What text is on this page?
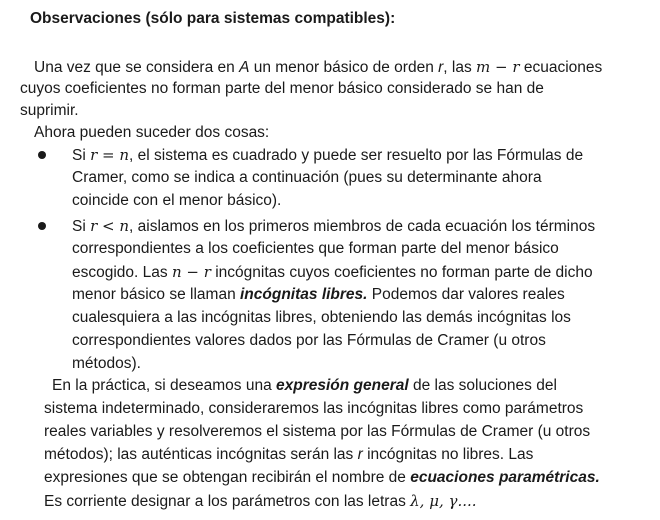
Observaciones (sólo para sistemas compatibles):
Una vez que se considera en A un menor básico de orden r, las m − r ecuaciones
cuyos coeficientes no forman parte del menor básico considerado se han de
suprimir.
Ahora pueden suceder dos cosas:
Si r = n, el sistema es cuadrado y puede ser resuelto por las Fórmulas de
Cramer, como se indica a continuación (pues su determinante ahora
coincide con el menor básico).
Si r < n, aislamos en los primeros miembros de cada ecuación los términos
correspondientes a los coeficientes que forman parte del menor básico
escogido. Las n − r incógnitas cuyos coeficientes no forman parte de dicho
menor básico se llaman incógnitas libres. Podemos dar valores reales
cualesquiera a las incógnitas libres, obteniendo las demás incógnitas los
correspondientes valores dados por las Fórmulas de Cramer (u otros
métodos).
En la práctica, si deseamos una expresión general de las soluciones del
sistema indeterminado, consideraremos las incógnitas libres como parámetros
reales variables y resolveremos el sistema por las Fórmulas de Cramer (u otros
métodos); las auténticas incógnitas serán las r incógnitas no libres. Las
expresiones que se obtengan recibirán el nombre de ecuaciones paramétricas.
Es corriente designar a los parámetros con las letras λ, μ, γ....
